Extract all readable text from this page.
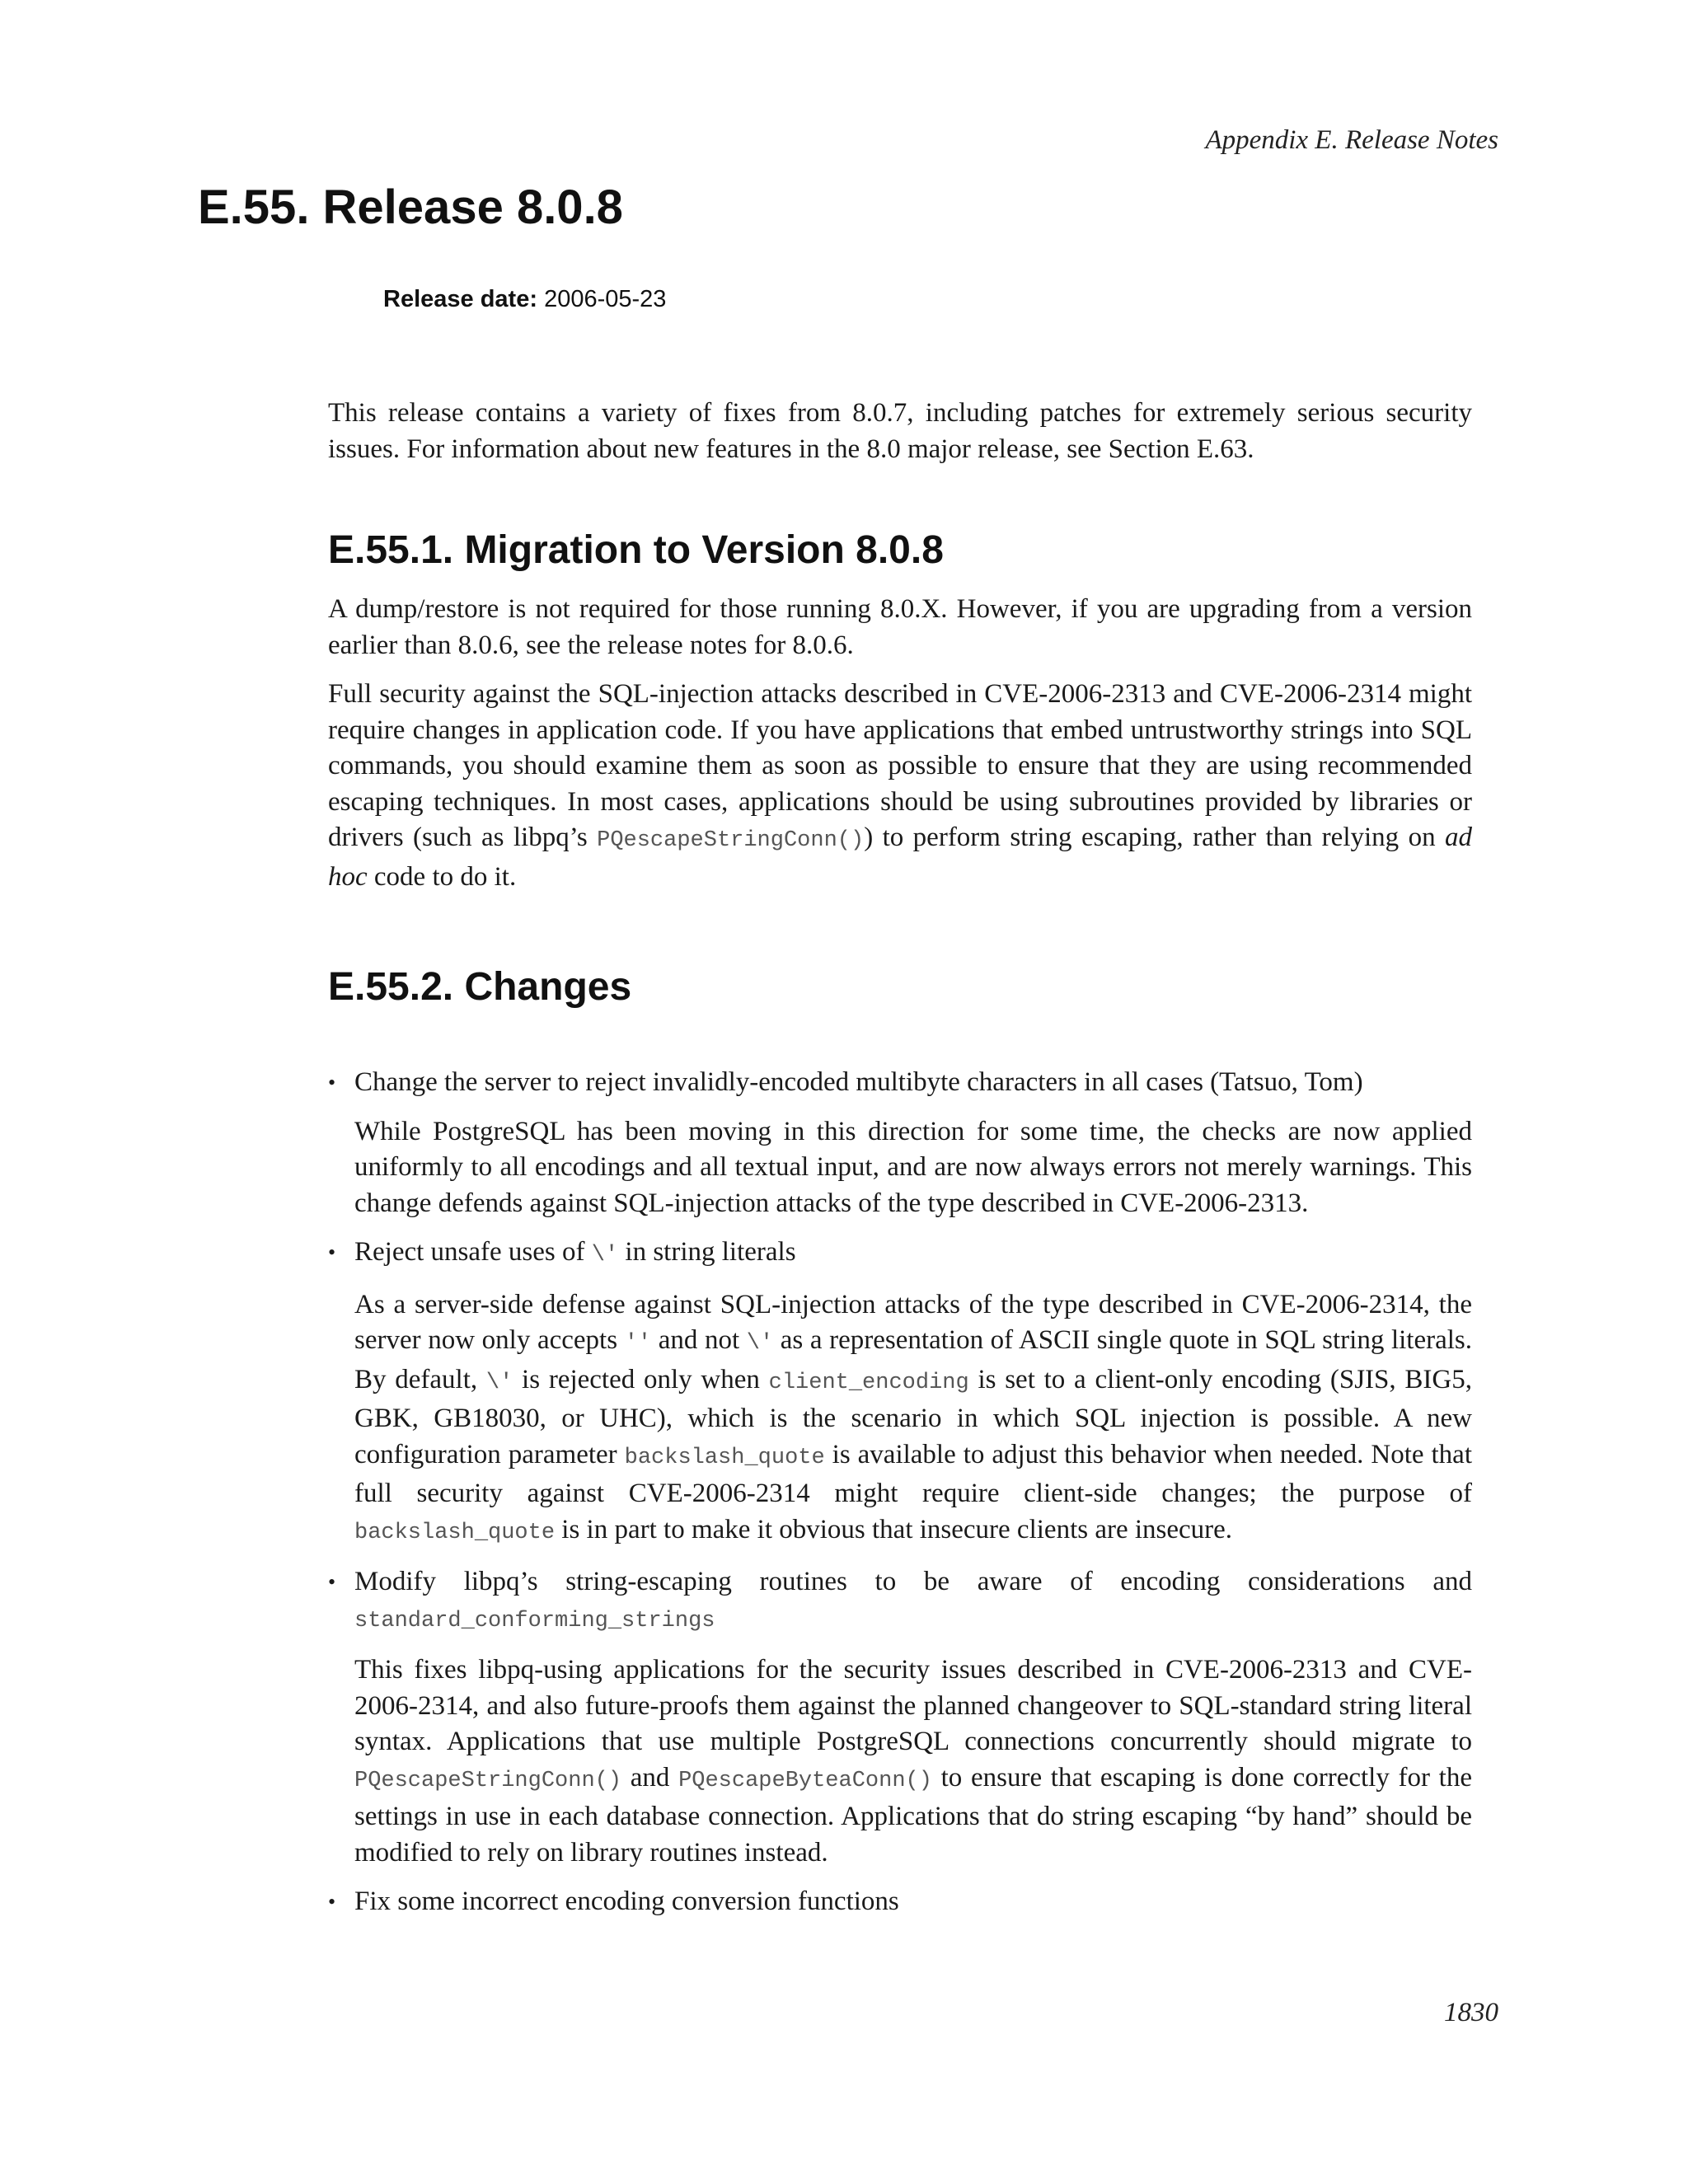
Appendix E. Release Notes
E.55. Release 8.0.8
Release date: 2006-05-23

This release contains a variety of fixes from 8.0.7, including patches for extremely serious security issues. For information about new features in the 8.0 major release, see Section E.63.

E.55.1. Migration to Version 8.0.8

A dump/restore is not required for those running 8.0.X. However, if you are upgrading from a version earlier than 8.0.6, see the release notes for 8.0.6.

Full security against the SQL-injection attacks described in CVE-2006-2313 and CVE-2006-2314 might require changes in application code. If you have applications that embed untrustworthy strings into SQL commands, you should examine them as soon as possible to ensure that they are using recommended escaping techniques. In most cases, applications should be using subroutines provided by libraries or drivers (such as libpq’s PQescapeStringConn()) to perform string escaping, rather than relying on ad hoc code to do it.

E.55.2. Changes
• Change the server to reject invalidly-encoded multibyte characters in all cases (Tatsuo, Tom)
While PostgreSQL has been moving in this direction for some time, the checks are now applied uniformly to all encodings and all textual input, and are now always errors not merely warnings. This change defends against SQL-injection attacks of the type described in CVE-2006-2313.
• Reject unsafe uses of \' in string literals
As a server-side defense against SQL-injection attacks of the type described in CVE-2006-2314, the server now only accepts '' and not \' as a representation of ASCII single quote in SQL string literals. By default, \' is rejected only when client_encoding is set to a client-only encoding (SJIS, BIG5, GBK, GB18030, or UHC), which is the scenario in which SQL injection is possible. A new configuration parameter backslash_quote is available to adjust this behavior when needed. Note that full security against CVE-2006-2314 might require client-side changes; the purpose of backslash_quote is in part to make it obvious that insecure clients are insecure.
• Modify libpq’s string-escaping routines to be aware of encoding considerations and standard_conforming_strings
This fixes libpq-using applications for the security issues described in CVE-2006-2313 and CVE-2006-2314, and also future-proofs them against the planned changeover to SQL-standard string literal syntax. Applications that use multiple PostgreSQL connections concurrently should migrate to PQescapeStringConn() and PQescapeByteaConn() to ensure that escaping is done correctly for the settings in use in each database connection. Applications that do string escaping “by hand” should be modified to rely on library routines instead.
• Fix some incorrect encoding conversion functions
1830
